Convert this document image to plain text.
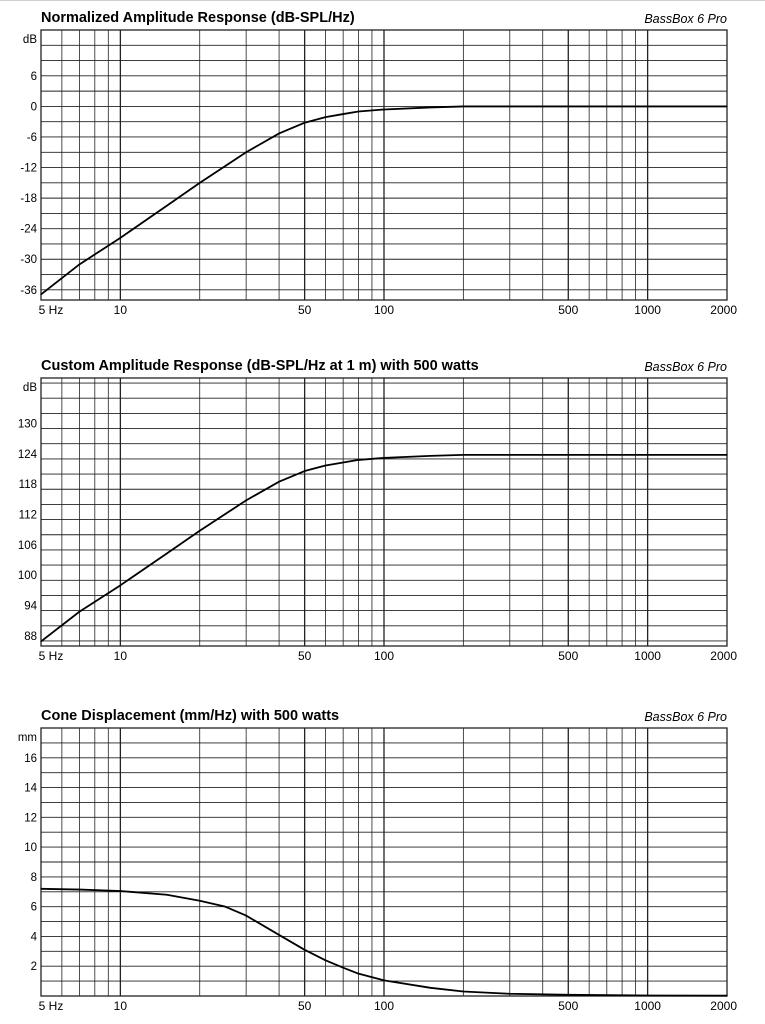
Normalized Amplitude Response (dB-SPL/Hz)	BassBox 6 Pro
dB
6
0
-6
-12
-18
-24
-30
-36
5 Hz	10	50	100	500	1000	2000
Custom Amplitude Response (dB-SPL/Hz at 1 m) with 500 watts	BassBox 6 Pro
dB
130
124
118
112
106
100
94
88
5 Hz	10	50	100	500	1000	2000
Cone Displacement (mm/Hz) with 500 watts	BassBox 6 Pro
mm
16
14
12
10
8
6
4
2
5 Hz	10	50	100	500	1000	2000
